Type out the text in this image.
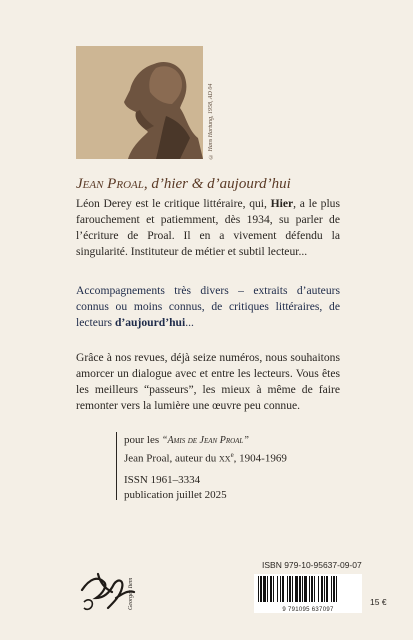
© Hans Hartung, 1958, AD 04
Jean Proal, d’hier & d’aujourd’hui
Léon Derey est le critique littéraire, qui, Hier, a le plus farouchement et patiemment, dès 1934, su parler de l’écriture de Proal. Il en a vivement défendu la singularité. Instituteur de métier et subtil lecteur...
Accompagnements très divers – extraits d’auteurs connus ou moins connus, de critiques littéraires, de lecteurs d’aujourd’hui...
Grâce à nos revues, déjà seize numéros, nous souhaitons amorcer un dialogue avec et entre les lecteurs. Vous êtes les meilleurs “passeurs”, les mieux à même de faire remonter vers la lumière une œuvre peu connue.
pour les “Amis de Jean Proal”
Jean Proal, auteur du $xx^e$, 1904-1969
ISSN 1961–3334
publication juillet 2025
Georges Item
ISBN 979-10-95637-09-07
9 791095 637097
15 €
